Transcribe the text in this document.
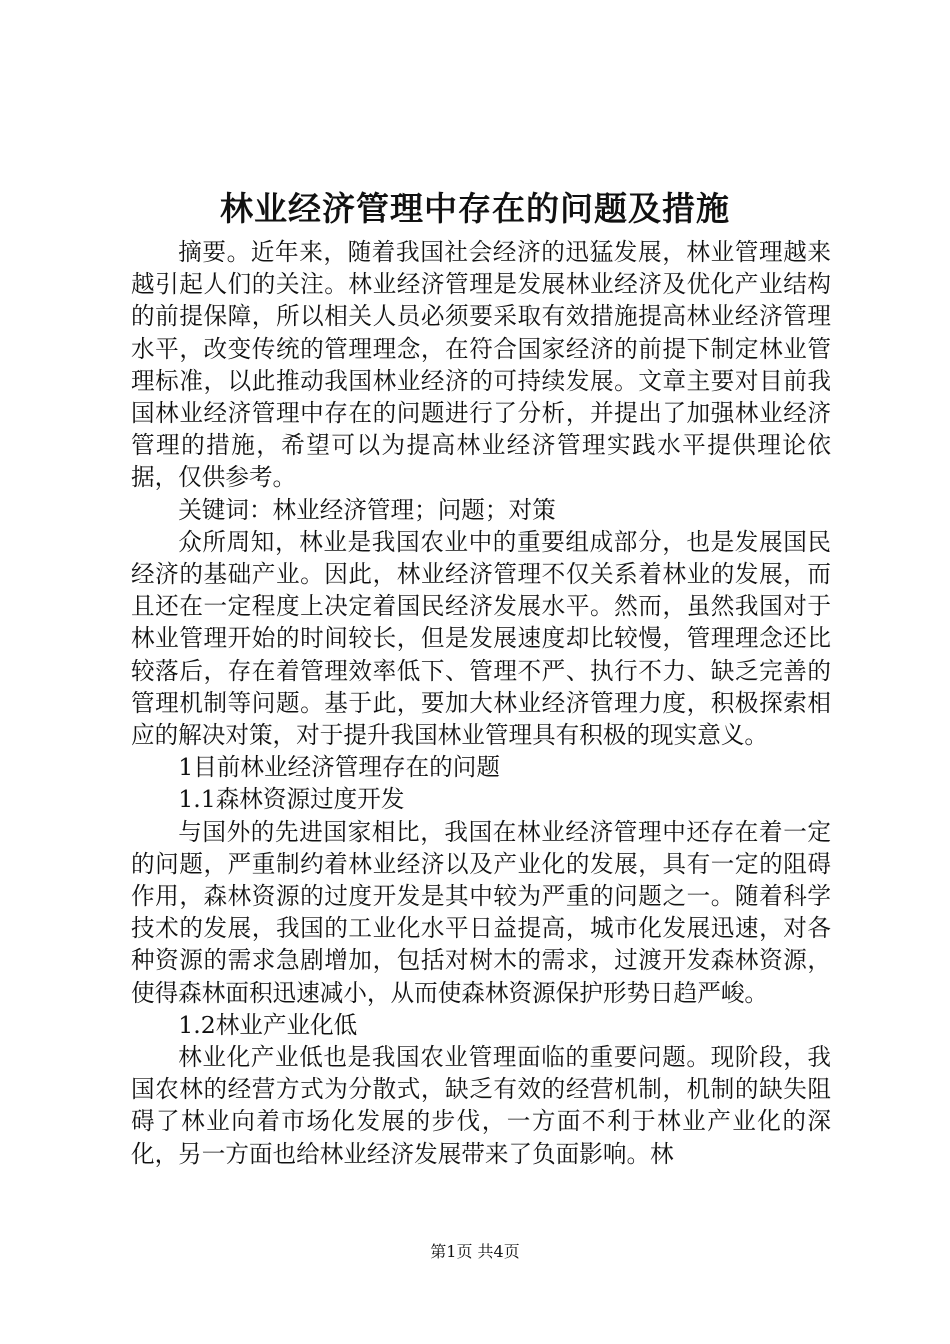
林业经济管理中存在的问题及措施

摘要。近年来，随着我国社会经济的迅猛发展，林业管理越来越引起人们的关注。林业经济管理是发展林业经济及优化产业结构的前提保障，所以相关人员必须要采取有效措施提高林业经济管理水平，改变传统的管理理念，在符合国家经济的前提下制定林业管理标准，以此推动我国林业经济的可持续发展。文章主要对目前我国林业经济管理中存在的问题进行了分析，并提出了加强林业经济管理的措施，希望可以为提高林业经济管理实践水平提供理论依据，仅供参考。

关键词：林业经济管理；问题；对策

众所周知，林业是我国农业中的重要组成部分，也是发展国民经济的基础产业。因此，林业经济管理不仅关系着林业的发展，而且还在一定程度上决定着国民经济发展水平。然而，虽然我国对于林业管理开始的时间较长，但是发展速度却比较慢，管理理念还比较落后，存在着管理效率低下、管理不严、执行不力、缺乏完善的管理机制等问题。基于此，要加大林业经济管理力度，积极探索相应的解决对策，对于提升我国林业管理具有积极的现实意义。

1目前林业经济管理存在的问题

1.1森林资源过度开发

与国外的先进国家相比，我国在林业经济管理中还存在着一定的问题，严重制约着林业经济以及产业化的发展，具有一定的阻碍作用，森林资源的过度开发是其中较为严重的问题之一。随着科学技术的发展，我国的工业化水平日益提高，城市化发展迅速，对各种资源的需求急剧增加，包括对树木的需求，过渡开发森林资源，使得森林面积迅速减小，从而使森林资源保护形势日趋严峻。

1.2林业产业化低

林业化产业低也是我国农业管理面临的重要问题。现阶段，我国农林的经营方式为分散式，缺乏有效的经营机制，机制的缺失阻碍了林业向着市场化发展的步伐，一方面不利于林业产业化的深化，另一方面也给林业经济发展带来了负面影响。林

第1页 共4页
